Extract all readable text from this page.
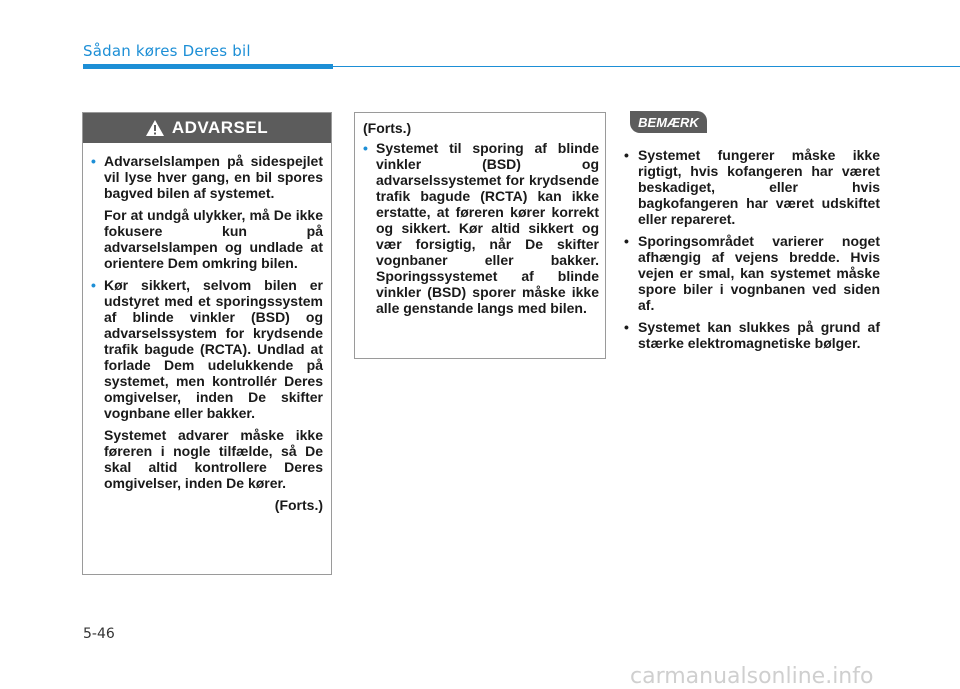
Sådan køres Deres bil
ADVARSEL
• Advarselslampen på sidespejlet vil lyse hver gang, en bil spores bagved bilen af systemet.
For at undgå ulykker, må De ikke fokusere kun på advarselslampen og undlade at orientere Dem omkring bilen.
• Kør sikkert, selvom bilen er udstyret med et sporingssystem af blinde vinkler (BSD) og advarselssystem for krydsende trafik bagude (RCTA). Undlad at forlade Dem udelukkende på systemet, men kontrollér Deres omgivelser, inden De skifter vognbane eller bakker.
Systemet advarer måske ikke føreren i nogle tilfælde, så De skal altid kontrollere Deres omgivelser, inden De kører.
(Forts.)
(Forts.)
• Systemet til sporing af blinde vinkler (BSD) og advarselssystemet for krydsende trafik bagude (RCTA) kan ikke erstatte, at føreren kører korrekt og sikkert. Kør altid sikkert og vær forsigtig, når De skifter vognbaner eller bakker. Sporingssystemet af blinde vinkler (BSD) sporer måske ikke alle genstande langs med bilen.
BEMÆRK
• Systemet fungerer måske ikke rigtigt, hvis kofangeren har været beskadiget, eller hvis bagkofangeren har været udskiftet eller repareret.
• Sporingsområdet varierer noget afhængig af vejens bredde. Hvis vejen er smal, kan systemet måske spore biler i vognbanen ved siden af.
• Systemet kan slukkes på grund af stærke elektromagnetiske bølger.
5-46
carmanualsonline.info
